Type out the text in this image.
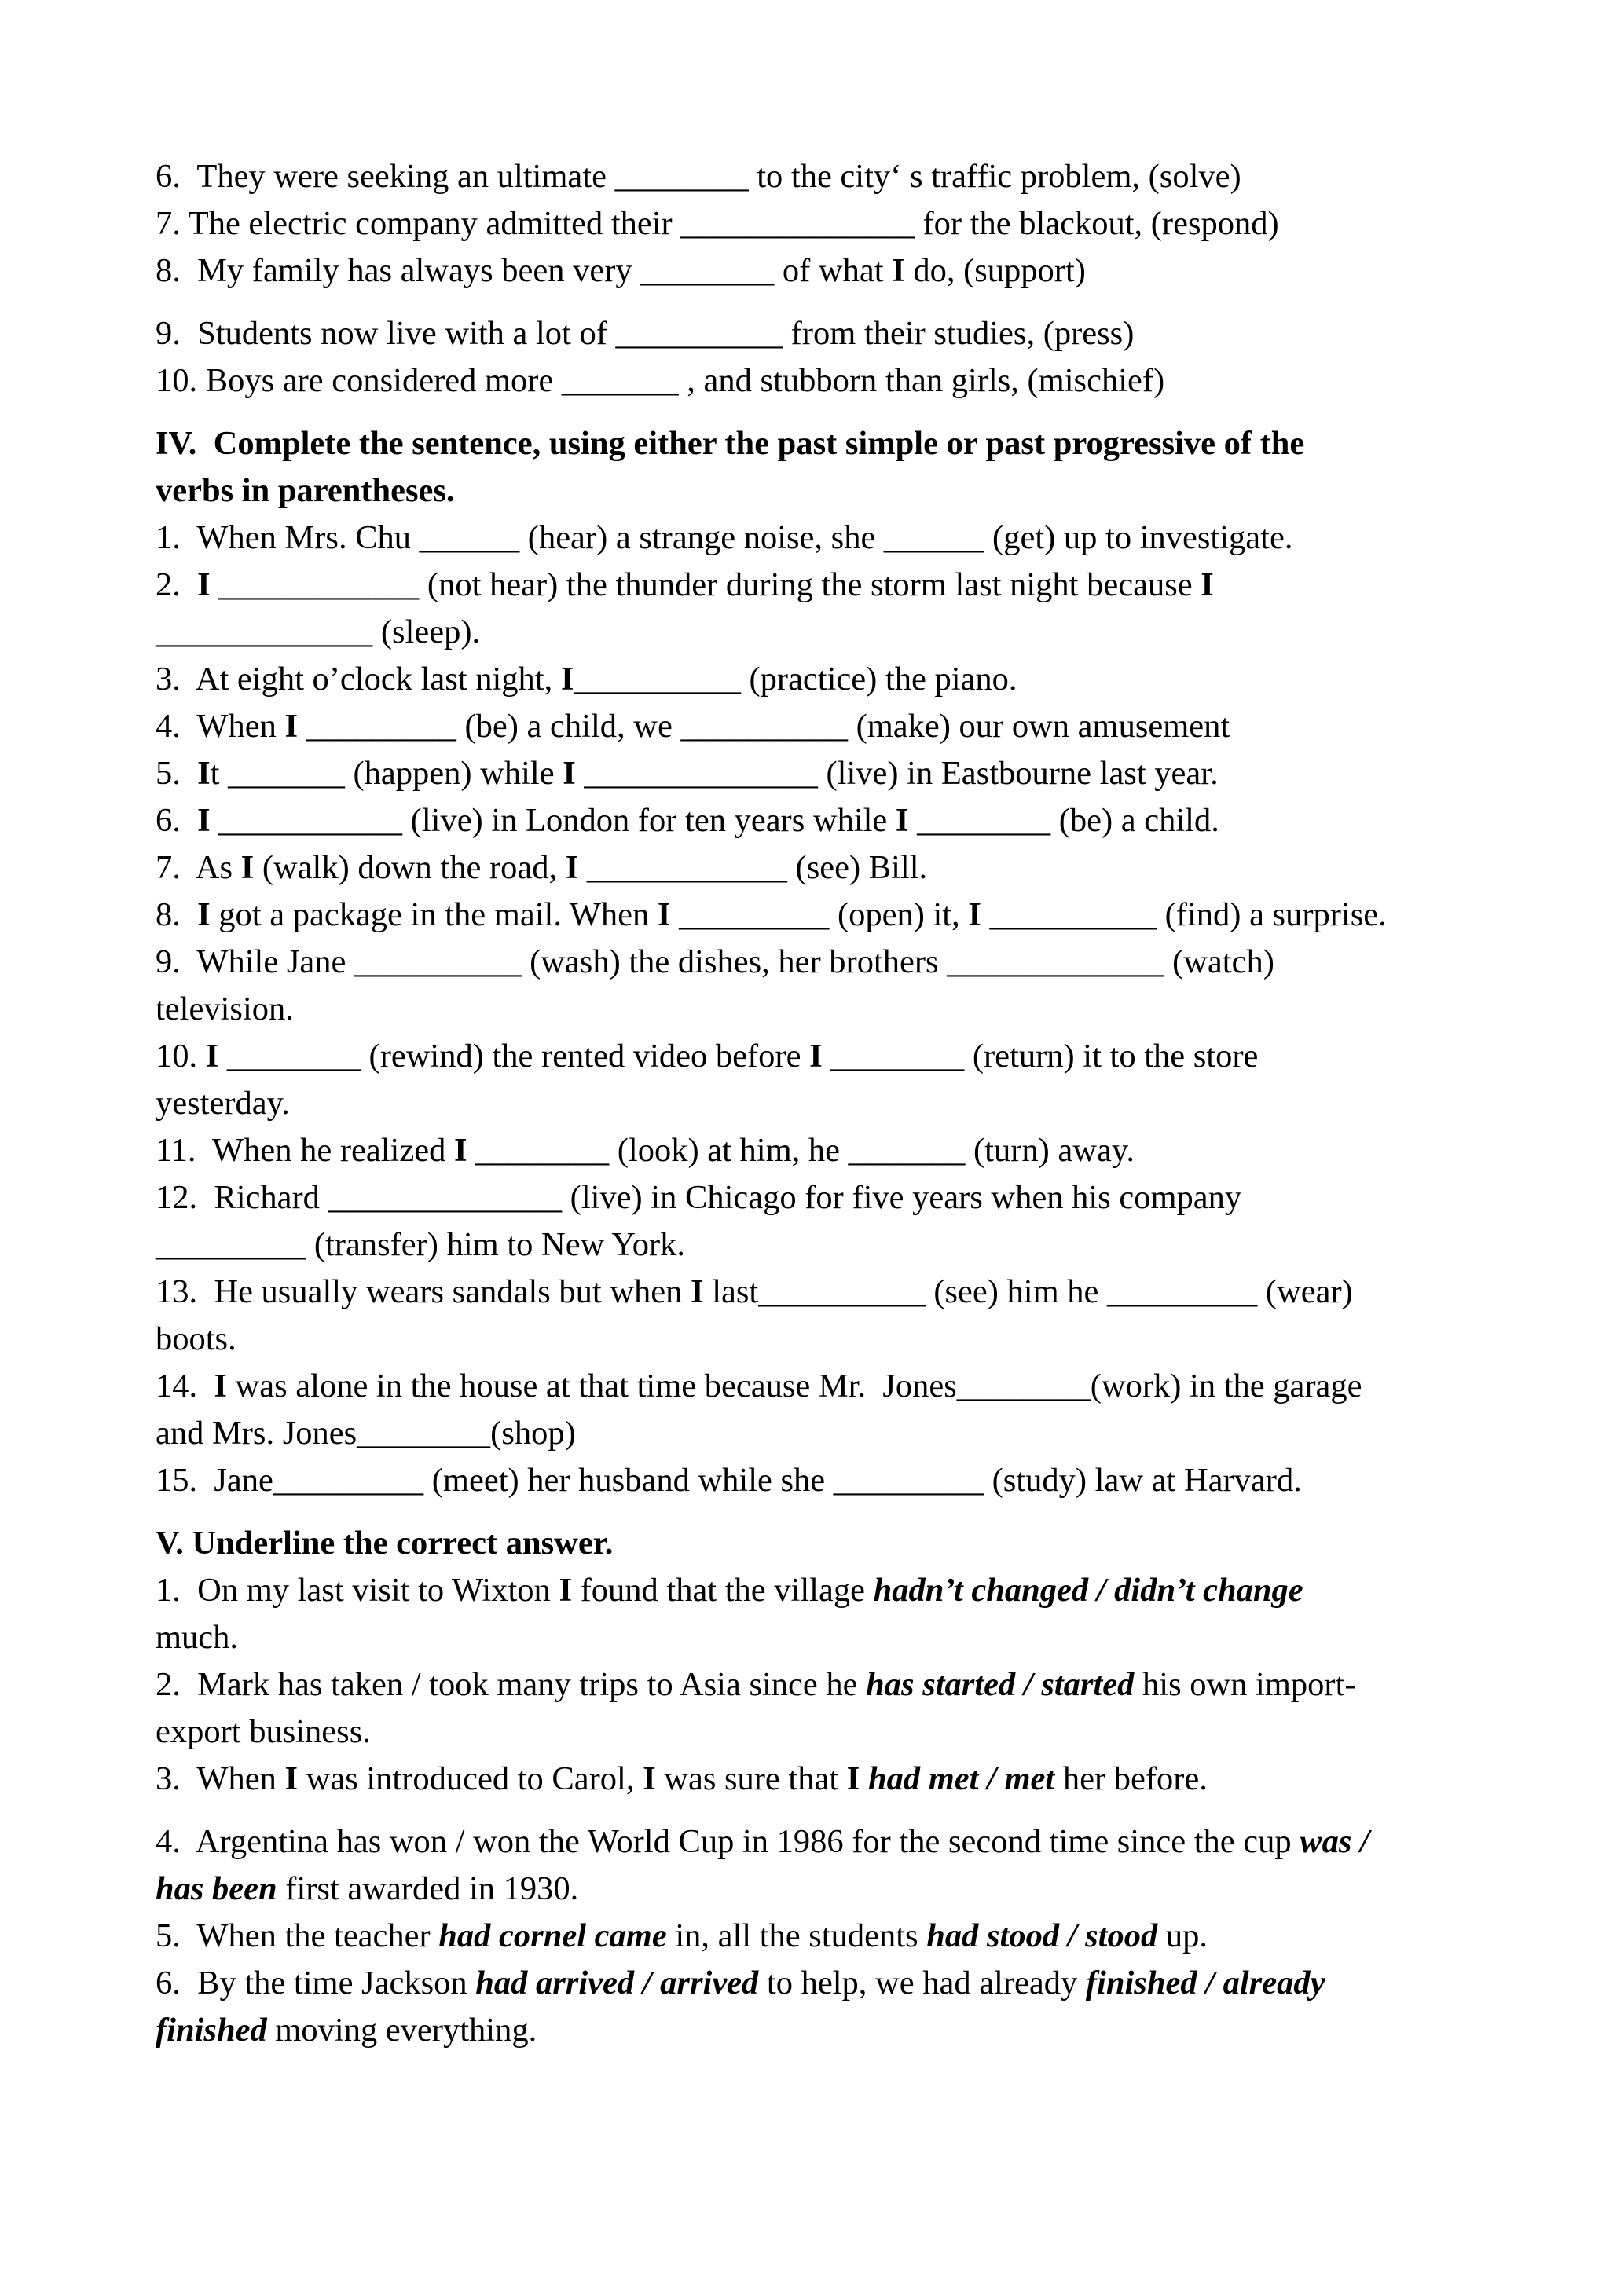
6.  They were seeking an ultimate ________ to the city‘ s traffic problem, (solve)
7. The electric company admitted their ______________ for the blackout, (respond)
8.  My family has always been very ________ of what I do, (support)
9.  Students now live with a lot of __________ from their studies, (press)
10. Boys are considered more _______ , and stubborn than girls, (mischief)
IV.  Complete the sentence, using either the past simple or past progressive of the
verbs in parentheses.
1.  When Mrs. Chu ______ (hear) a strange noise, she ______ (get) up to investigate.
2.  I ____________ (not hear) the thunder during the storm last night because I
_____________ (sleep).
3.  At eight o’clock last night, I__________ (practice) the piano.
4.  When I _________ (be) a child, we __________ (make) our own amusement
5.  It _______ (happen) while I ______________ (live) in Eastbourne last year.
6.  I ___________ (live) in London for ten years while I ________ (be) a child.
7.  As I (walk) down the road, I ____________ (see) Bill.
8.  I got a package in the mail. When I _________ (open) it, I __________ (find) a surprise.
9.  While Jane __________ (wash) the dishes, her brothers _____________ (watch)
television.
10. I ________ (rewind) the rented video before I ________ (return) it to the store
yesterday.
11.  When he realized I ________ (look) at him, he _______ (turn) away.
12.  Richard ______________ (live) in Chicago for five years when his company
_________ (transfer) him to New York.
13.  He usually wears sandals but when I last__________ (see) him he _________ (wear)
boots.
14.  I was alone in the house at that time because Mr.  Jones________(work) in the garage
and Mrs. Jones________(shop)
15.  Jane_________ (meet) her husband while she _________ (study) law at Harvard.
V. Underline the correct answer.
1.  On my last visit to Wixton I found that the village hadn’t changed / didn’t change
much.
2.  Mark has taken / took many trips to Asia since he has started / started his own import-
export business.
3.  When I was introduced to Carol, I was sure that I had met / met her before.
4.  Argentina has won / won the World Cup in 1986 for the second time since the cup was /
has been first awarded in 1930.
5.  When the teacher had cornel came in, all the students had stood / stood up.
6.  By the time Jackson had arrived / arrived to help, we had already finished / already
finished moving everything.
